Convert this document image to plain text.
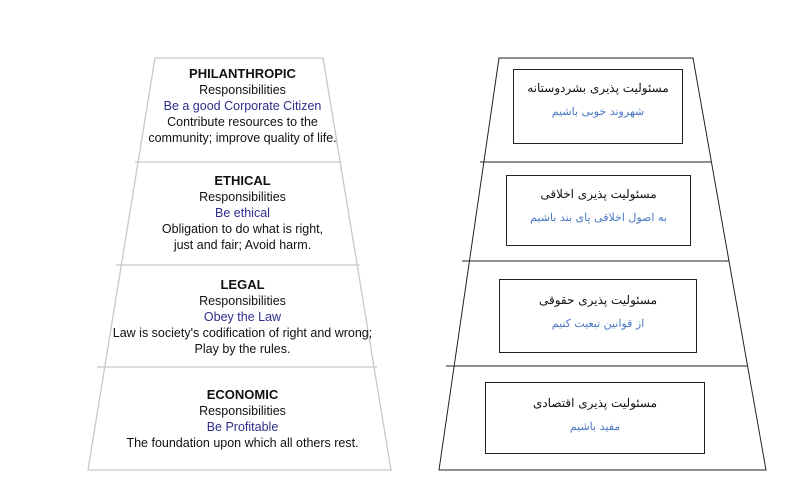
PHILANTHROPIC
Responsibilities
Be a good Corporate Citizen
Contribute resources to the
community; improve quality of life.
ETHICAL
Responsibilities
Be ethical
Obligation to do what is right,
just and fair; Avoid harm.
LEGAL
Responsibilities
Obey the Law
Law is society's codification of right and wrong;
Play by the rules.
ECONOMIC
Responsibilities
Be Profitable
The foundation upon which all others rest.
مسئولیت پذیری بشردوستانه
شهروند خوبی باشیم
مسئولیت پذیری اخلاقی
به اصول اخلاقی پای بند باشیم
مسئولیت پذیری حقوقی
از قوانین تبعیت کنیم
مسئولیت پذیری اقتصادی
مفید باشیم
